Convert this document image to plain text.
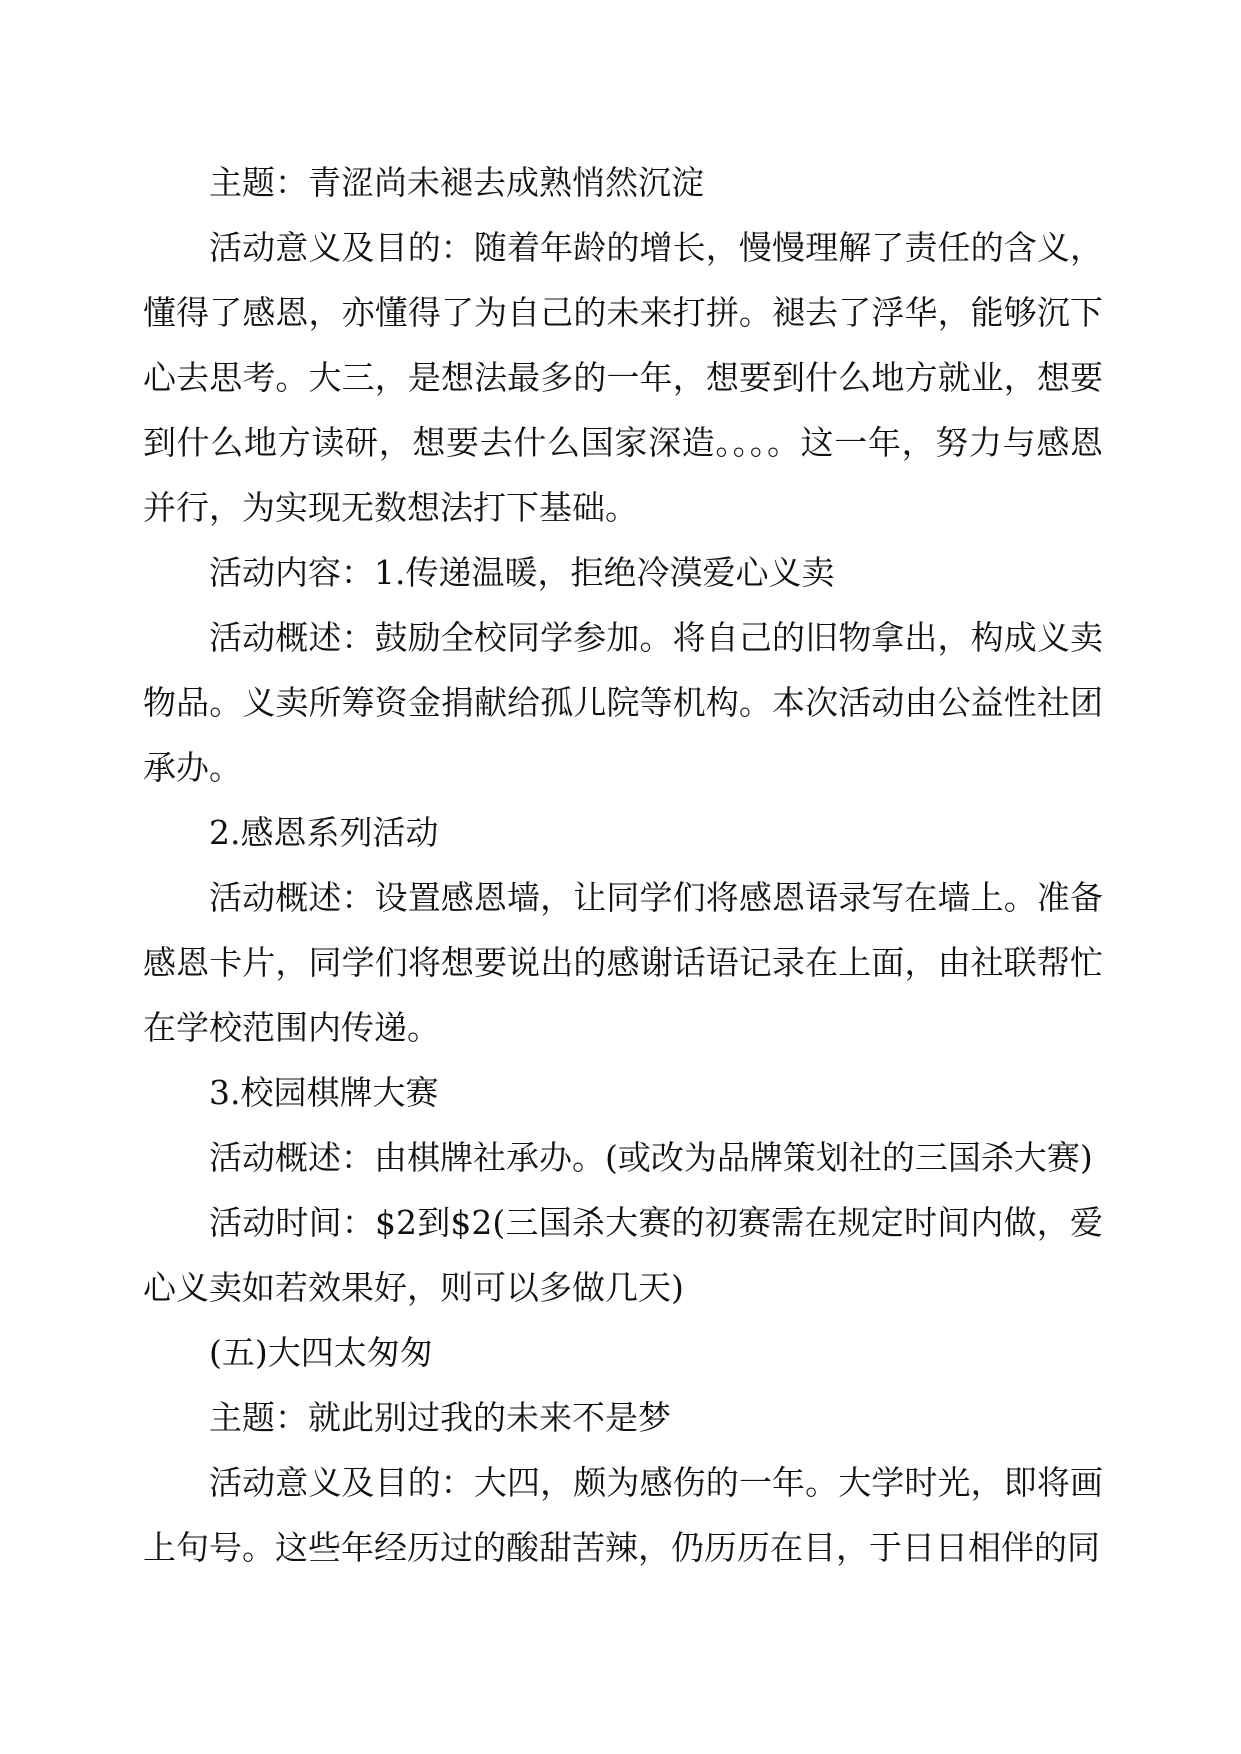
主题：青涩尚未褪去成熟悄然沉淀

活动意义及目的：随着年龄的增长，慢慢理解了责任的含义，懂得了感恩，亦懂得了为自己的未来打拼。褪去了浮华，能够沉下心去思考。大三，是想法最多的一年，想要到什么地方就业，想要到什么地方读研，想要去什么国家深造。。。。这一年，努力与感恩并行，为实现无数想法打下基础。

活动内容：1.传递温暖，拒绝冷漠爱心义卖

活动概述：鼓励全校同学参加。将自己的旧物拿出，构成义卖物品。义卖所筹资金捐献给孤儿院等机构。本次活动由公益性社团承办。

2.感恩系列活动

活动概述：设置感恩墙，让同学们将感恩语录写在墙上。准备感恩卡片，同学们将想要说出的感谢话语记录在上面，由社联帮忙在学校范围内传递。

3.校园棋牌大赛

活动概述：由棋牌社承办。(或改为品牌策划社的三国杀大赛)

活动时间：$2到$2(三国杀大赛的初赛需在规定时间内做，爱心义卖如若效果好，则可以多做几天)

(五)大四太匆匆

主题：就此别过我的未来不是梦

活动意义及目的：大四，颇为感伤的一年。大学时光，即将画上句号。这些年经历过的酸甜苦辣，仍历历在目，于日日相伴的同
